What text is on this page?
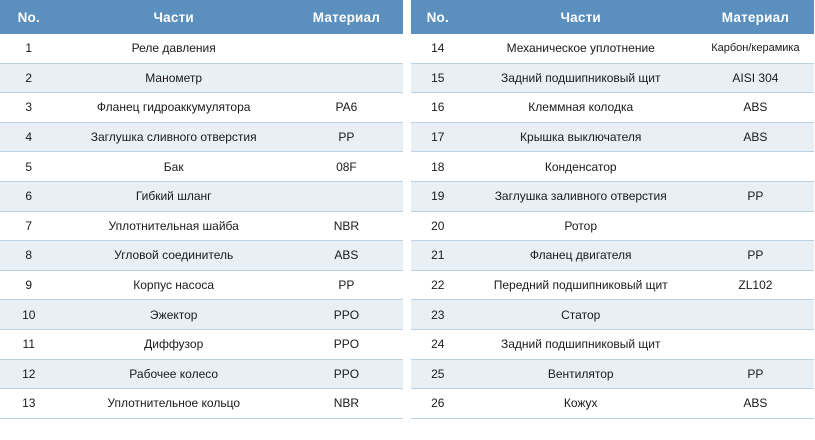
No.	Части	Материал
1	Реле давления	
2	Манометр	
3	Фланец гидроаккумулятора	PA6
4	Заглушка сливного отверстия	PP
5	Бак	08F
6	Гибкий шланг	
7	Уплотнительная шайба	NBR
8	Угловой соединитель	ABS
9	Корпус насоса	PP
10	Эжектор	PPO
11	Диффузор	PPO
12	Рабочее колесо	PPO
13	Уплотнительное кольцо	NBR
No.	Части	Материал
14	Механическое уплотнение	Карбон/керамика
15	Задний подшипниковый щит	AISI 304
16	Клеммная колодка	ABS
17	Крышка выключателя	ABS
18	Конденсатор	
19	Заглушка заливного отверстия	PP
20	Ротор	
21	Фланец двигателя	PP
22	Передний подшипниковый щит	ZL102
23	Статор	
24	Задний подшипниковый щит	
25	Вентилятор	PP
26	Кожух	ABS
